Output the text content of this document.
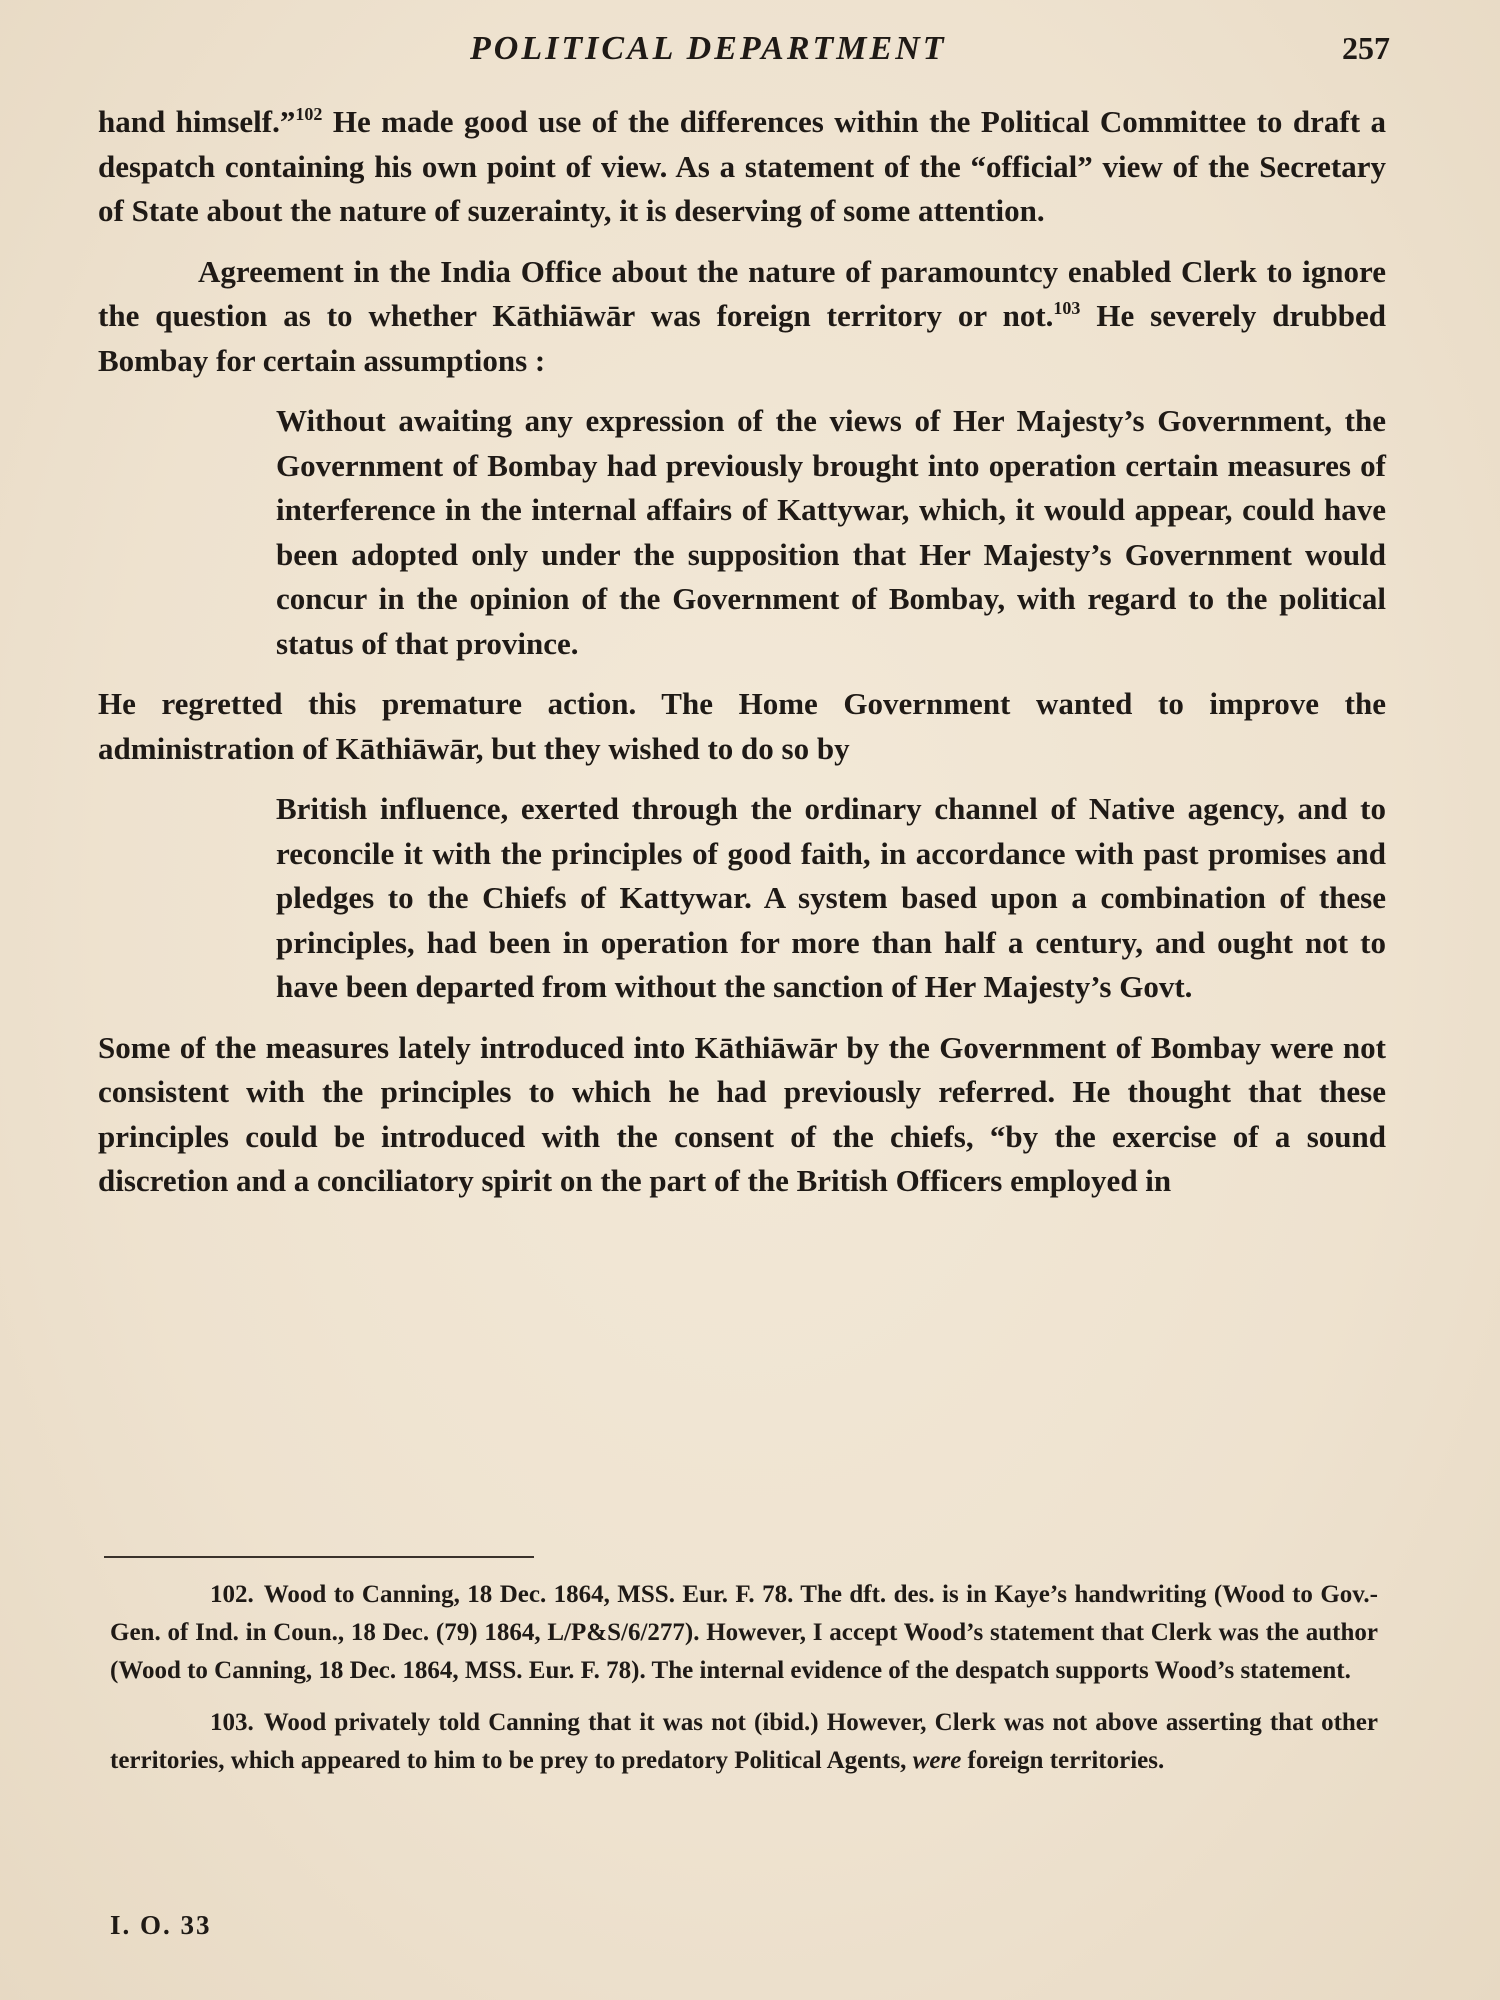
POLITICAL DEPARTMENT	257

hand himself.”$^{102}$ He made good use of the differences within the Political Committee to draft a despatch containing his own point of view. As a statement of the “official” view of the Secretary of State about the nature of suzerainty, it is deserving of some attention.

Agreement in the India Office about the nature of paramountcy enabled Clerk to ignore the question as to whether Kāthiāwār was foreign territory or not.$^{103}$ He severely drubbed Bombay for certain assumptions :

Without awaiting any expression of the views of Her Majesty’s Government, the Government of Bombay had previously brought into operation certain measures of interference in the internal affairs of Kattywar, which, it would appear, could have been adopted only under the supposition that Her Majesty’s Government would concur in the opinion of the Government of Bombay, with regard to the political status of that province.

He regretted this premature action. The Home Government wanted to improve the administration of Kāthiāwār, but they wished to do so by

British influence, exerted through the ordinary channel of Native agency, and to reconcile it with the principles of good faith, in accordance with past promises and pledges to the Chiefs of Kattywar. A system based upon a combination of these principles, had been in operation for more than half a century, and ought not to have been departed from without the sanction of Her Majesty’s Govt.

Some of the measures lately introduced into Kāthiāwār by the Government of Bombay were not consistent with the principles to which he had previously referred. He thought that these principles could be introduced with the consent of the chiefs, “by the exercise of a sound discretion and a conciliatory spirit on the part of the British Officers employed in

102. Wood to Canning, 18 Dec. 1864, MSS. Eur. F. 78. The dft. des. is in Kaye’s handwriting (Wood to Gov.-Gen. of Ind. in Coun., 18 Dec. (79) 1864, L/P&S/6/277). However, I accept Wood’s statement that Clerk was the author (Wood to Canning, 18 Dec. 1864, MSS. Eur. F. 78). The internal evidence of the despatch supports Wood’s statement.

103. Wood privately told Canning that it was not (ibid.) However, Clerk was not above asserting that other territories, which appeared to him to be prey to predatory Political Agents, were foreign territories.

I. O. 33
